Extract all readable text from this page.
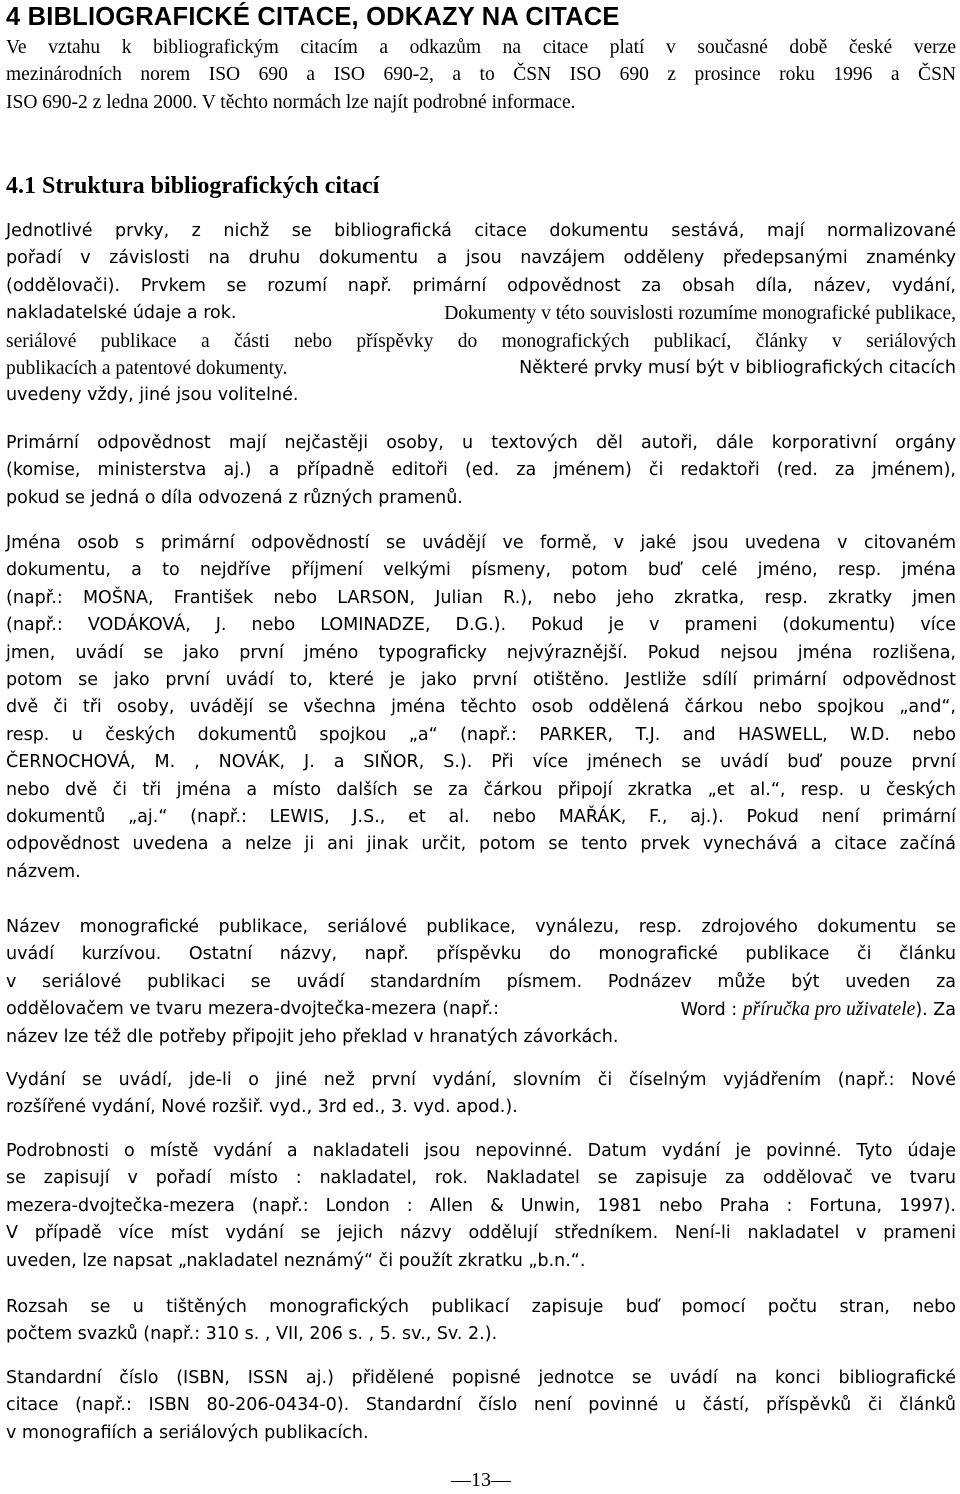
4 BIBLIOGRAFICKÉ CITACE, ODKAZY NA CITACE
Ve vztahu k bibliografickým citacím a odkazům na citace platí v současné době české verze
mezinárodních norem ISO 690 a ISO 690-2, a to ČSN ISO 690 z prosince roku 1996 a ČSN
ISO 690-2 z ledna 2000. V těchto normách lze najít podrobné informace.
4.1 Struktura bibliografických citací
Jednotlivé prvky, z nichž se bibliografická citace dokumentu sestává, mají normalizované
pořadí v závislosti na druhu dokumentu a jsou navzájem odděleny předepsanými znaménky
(oddělovači). Prvkem se rozumí např. primární odpovědnost za obsah díla, název, vydání,
nakladatelské údaje a rok.	Dokumenty v této souvislosti rozumíme monografické publikace,
seriálové publikace a části nebo příspěvky do monografických publikací, články v seriálových
publikacích a patentové dokumenty.	Některé prvky musí být v bibliografických citacích
uvedeny vždy, jiné jsou volitelné.
Primární odpovědnost mají nejčastěji osoby, u textových děl autoři, dále korporativní orgány
(komise, ministerstva aj.) a případně editoři (ed. za jménem) či redaktoři (red. za jménem),
pokud se jedná o díla odvozená z různých pramenů.
Jména osob s primární odpovědností se uvádějí ve formě, v jaké jsou uvedena v citovaném
dokumentu, a to nejdříve příjmení velkými písmeny, potom buď celé jméno, resp. jména
(např.: MOŠNA, František nebo LARSON, Julian R.), nebo jeho zkratka, resp. zkratky jmen
(např.: VODÁKOVÁ, J. nebo LOMINADZE, D.G.). Pokud je v prameni (dokumentu) více
jmen, uvádí se jako první jméno typograficky nejvýraznější. Pokud nejsou jména rozlišena,
potom se jako první uvádí to, které je jako první otištěno. Jestliže sdílí primární odpovědnost
dvě či tři osoby, uvádějí se všechna jména těchto osob oddělená čárkou nebo spojkou „and“,
resp. u českých dokumentů spojkou „a“ (např.: PARKER, T.J. and HASWELL, W.D. nebo
ČERNOCHOVÁ, M. , NOVÁK, J. a SIŇOR, S.). Při více jménech se uvádí buď pouze první
nebo dvě či tři jména a místo dalších se za čárkou připojí zkratka „et al.“, resp. u českých
dokumentů „aj.“ (např.: LEWIS, J.S., et al. nebo MAŘÁK, F., aj.). Pokud není primární
odpovědnost uvedena a nelze ji ani jinak určit, potom se tento prvek vynechává a citace začíná
názvem.
Název monografické publikace, seriálové publikace, vynálezu, resp. zdrojového dokumentu se
uvádí kurzívou. Ostatní názvy, např. příspěvku do monografické publikace či článku
v seriálové publikaci se uvádí standardním písmem. Podnázev může být uveden za
oddělovačem ve tvaru mezera-dvojtečka-mezera (např.:	Word : příručka pro uživatele). Za
název lze též dle potřeby připojit jeho překlad v hranatých závorkách.
Vydání se uvádí, jde-li o jiné než první vydání, slovním či číselným vyjádřením (např.: Nové
rozšířené vydání, Nové rozšiř. vyd., 3rd ed., 3. vyd. apod.).
Podrobnosti o místě vydání a nakladateli jsou nepovinné. Datum vydání je povinné. Tyto údaje
se zapisují v pořadí místo : nakladatel, rok. Nakladatel se zapisuje za oddělovač ve tvaru
mezera-dvojtečka-mezera (např.: London : Allen & Unwin, 1981 nebo Praha : Fortuna, 1997).
V případě více míst vydání se jejich názvy oddělují středníkem. Není-li nakladatel v prameni
uveden, lze napsat „nakladatel neznámý“ či použít zkratku „b.n.“.
Rozsah se u tištěných monografických publikací zapisuje buď pomocí počtu stran, nebo
počtem svazků (např.: 310 s. , VII, 206 s. , 5. sv., Sv. 2.).
Standardní číslo (ISBN, ISSN aj.) přidělené popisné jednotce se uvádí na konci bibliografické
citace (např.: ISBN 80-206-0434-0). Standardní číslo není povinné u částí, příspěvků či článků
v monografiích a seriálových publikacích.
—13—
